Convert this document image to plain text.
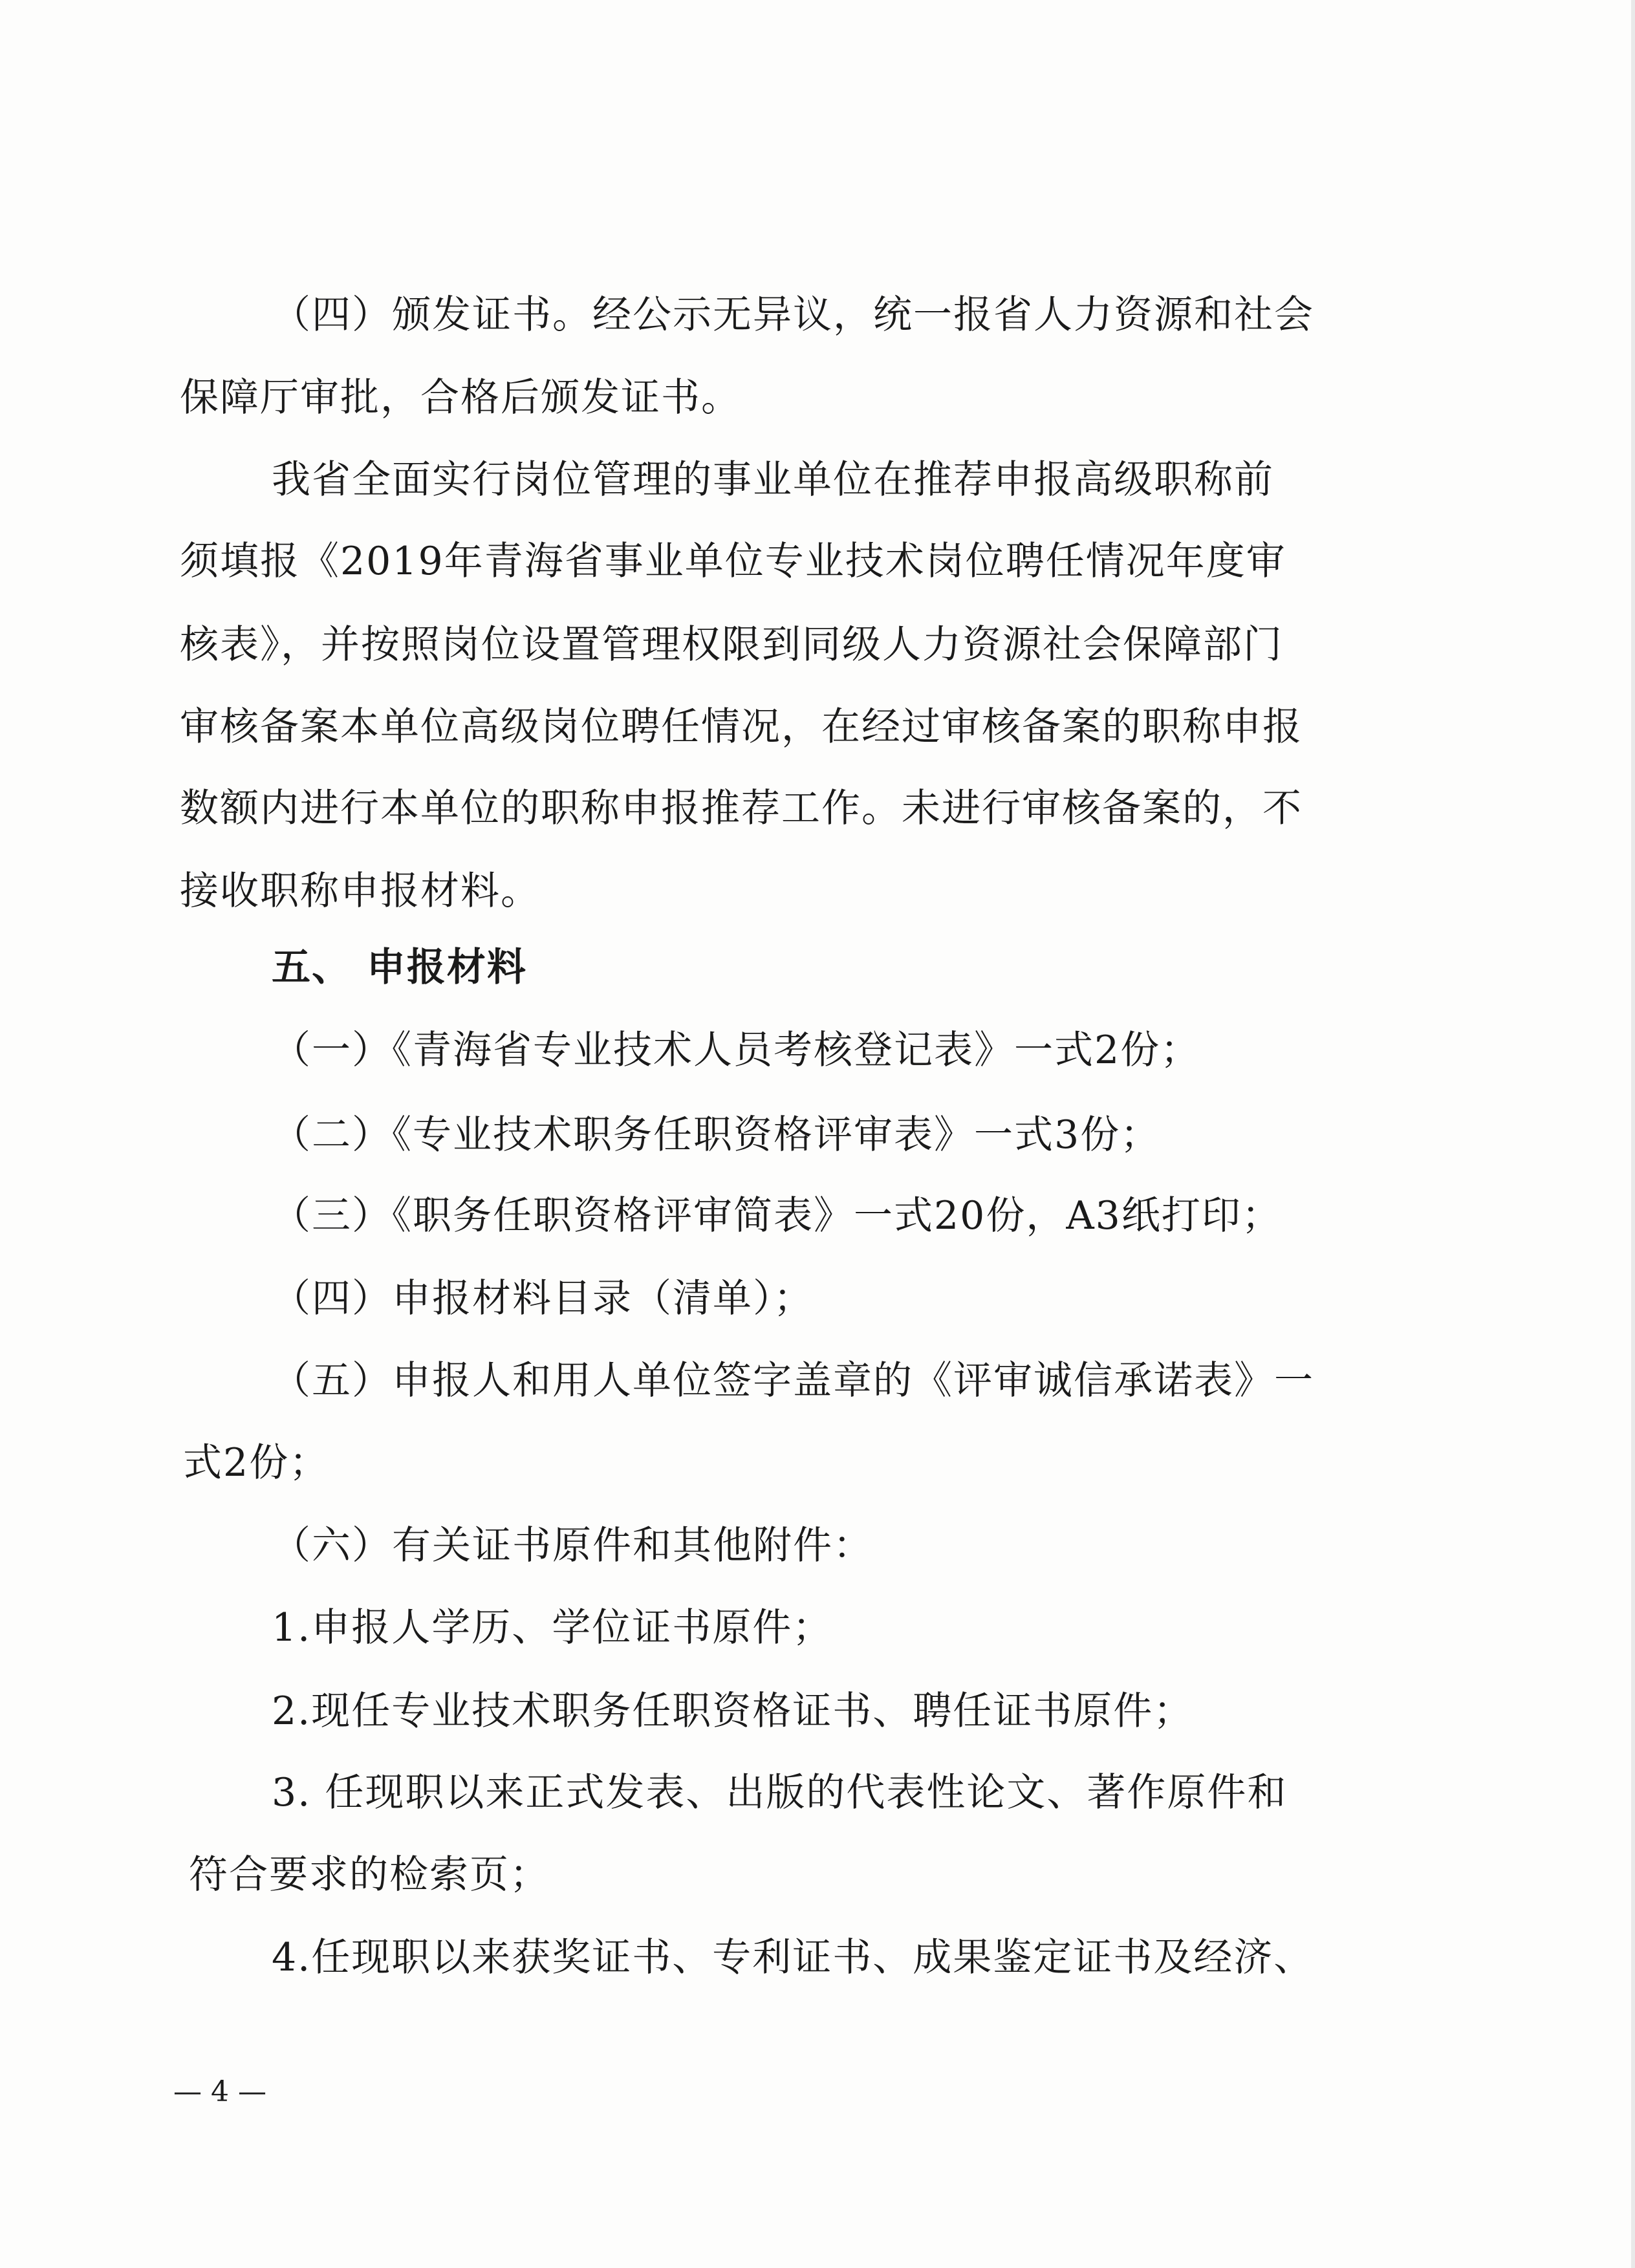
（四）颁发证书。经公示无异议，统一报省人力资源和社会
保障厅审批，合格后颁发证书。
我省全面实行岗位管理的事业单位在推荐申报高级职称前
须填报《2019年青海省事业单位专业技术岗位聘任情况年度审
核表》，并按照岗位设置管理权限到同级人力资源社会保障部门
审核备案本单位高级岗位聘任情况，在经过审核备案的职称申报
数额内进行本单位的职称申报推荐工作。未进行审核备案的，不
接收职称申报材料。
五、 申报材料
（一）《青海省专业技术人员考核登记表》一式2份；
（二）《专业技术职务任职资格评审表》一式3份；
（三）《职务任职资格评审简表》一式20份，A3纸打印；
（四）申报材料目录（清单）；
（五）申报人和用人单位签字盖章的《评审诚信承诺表》一
式2份；
（六）有关证书原件和其他附件：
1.申报人学历、学位证书原件；
2.现任专业技术职务任职资格证书、聘任证书原件；
3. 任现职以来正式发表、出版的代表性论文、著作原件和
符合要求的检索页；
4.任现职以来获奖证书、专利证书、成果鉴定证书及经济、
— 4 —
